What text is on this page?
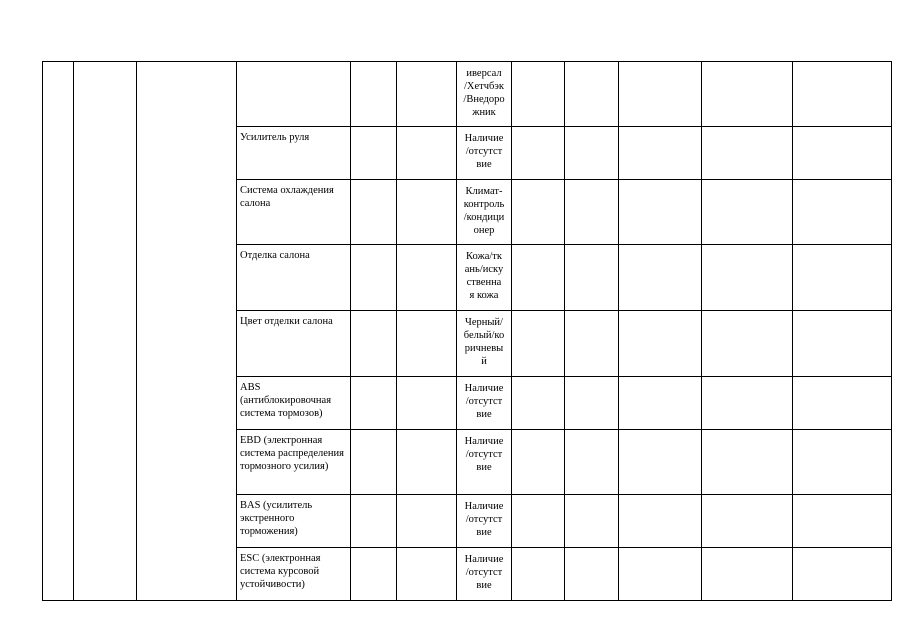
						иверсал
/Хетчбэк
/Внедоро
жник					
			Усилитель руля			Наличие
/отсутст
вие					
			Система охлаждения салона			Климат-
контроль
/кондици
онер					
			Отделка салона			Кожа/тк
ань/иску
ственна
я кожа					
			Цвет отделки салона			Черный/
белый/ко
ричневы
й					
			ABS (антиблокировочная система тормозов)			Наличие
/отсутст
вие					
			EBD (электронная система распределения тормозного усилия)			Наличие
/отсутст
вие					
			BAS (усилитель экстренного торможения)			Наличие
/отсутст
вие					
			ESC (электронная система курсовой устойчивости)			Наличие
/отсутст
вие					
